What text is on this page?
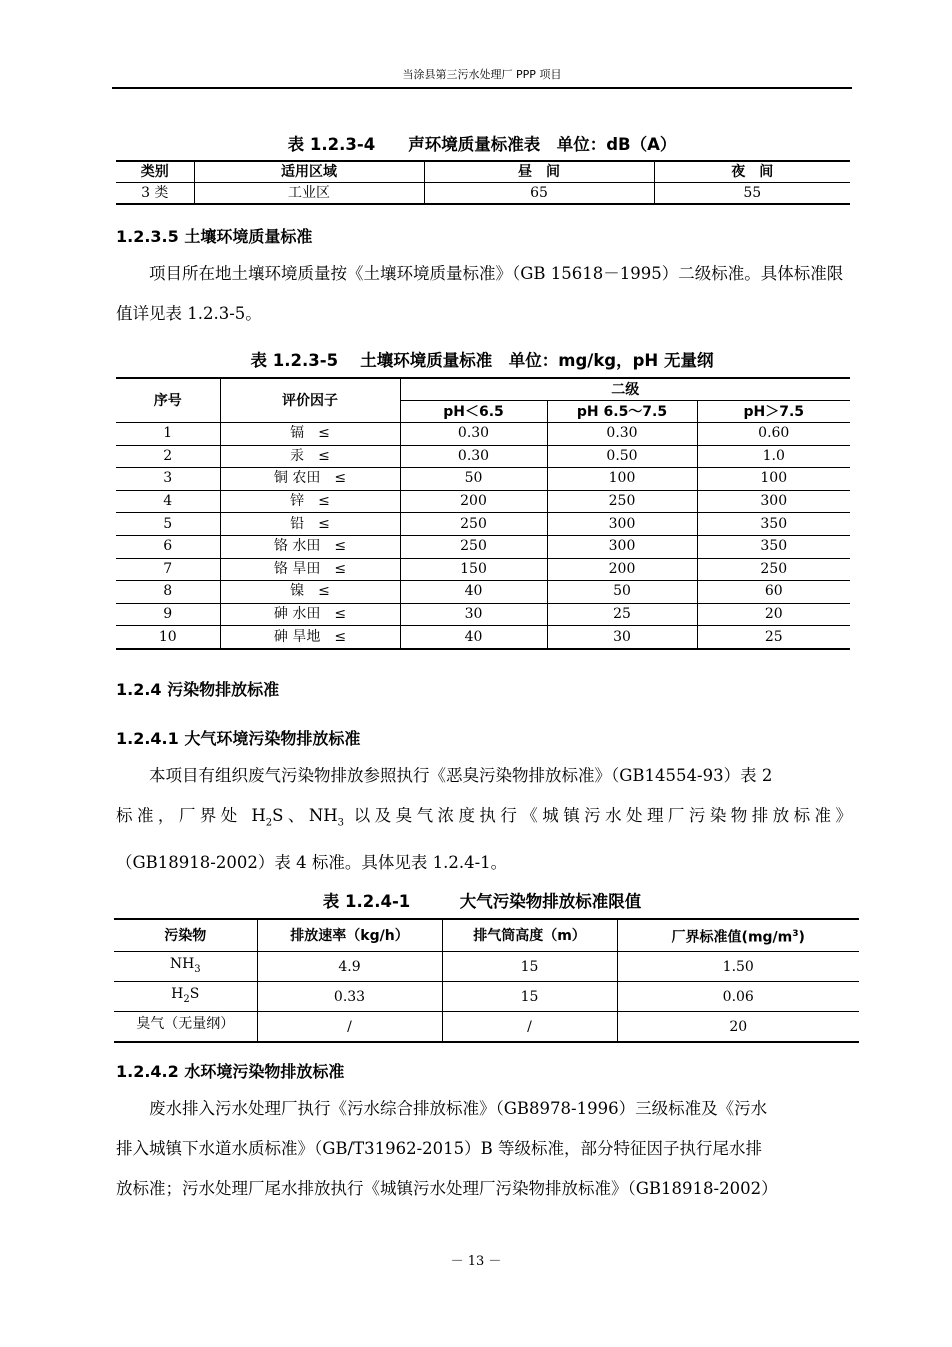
当涂县第三污水处理厂 PPP 项目
表 1.2.3-4　　声环境质量标准表　单位：dB（A）
类别	适用区域	昼　间	夜　间
3 类	工业区	65	55
1.2.3.5 土壤环境质量标准

项目所在地土壤环境质量按《土壤环境质量标准》（GB 15618－1995）二级标准。具体标准限值详见表 1.2.3-5。

表 1.2.3-5　 土壤环境质量标准　单位：mg/kg，pH 无量纲
序号	评价因子	二级		
		pH＜6.5	pH 6.5～7.5	pH＞7.5
1	镉　≤	0.30	0.30	0.60
2	汞　≤	0.30	0.50	1.0
3	铜 农田　≤	50	100	100
4	锌　≤	200	250	300
5	铅　≤	250	300	350
6	铬 水田　≤	250	300	350
7	铬 旱田　≤	150	200	250
8	镍　≤	40	50	60
9	砷 水田　≤	30	25	20
10	砷 旱地　≤	40	30	25
1.2.4 污染物排放标准
1.2.4.1 大气环境污染物排放标准

本项目有组织废气污染物排放参照执行《恶臭污染物排放标准》（GB14554-93）表 2

标准，厂界处 $H_2S$、$NH_3$ 以及臭气浓度执行《城镇污水处理厂污染物排放标准》

（GB18918-2002）表 4 标准。具体见表 1.2.4-1。

表 1.2.4-1　　　大气污染物排放标准限值
污染物	排放速率（kg/h）	排气筒高度（m）	厂界标准值$(mg/m^3)$
$NH_3$	4.9	15	1.50
$H_2S$	0.33	15	0.06
臭气（无量纲）	/	/	20
1.2.4.2 水环境污染物排放标准

废水排入污水处理厂执行《污水综合排放标准》（GB8978-1996）三级标准及《污水

排入城镇下水道水质标准》（GB/T31962-2015）B 等级标准，部分特征因子执行尾水排

放标准；污水处理厂尾水排放执行《城镇污水处理厂污染物排放标准》（GB18918-2002）

－ 13 －
